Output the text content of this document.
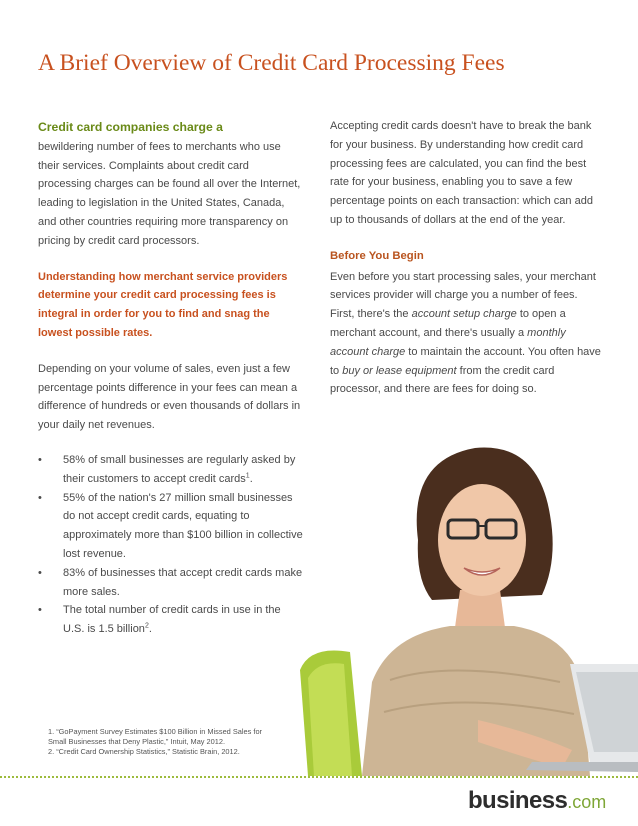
A Brief Overview of Credit Card Processing Fees

Credit card companies charge a
bewildering number of fees to merchants who use their services. Complaints about credit card processing charges can be found all over the Internet, leading to legislation in the United States, Canada, and other countries requiring more transparency on pricing by credit card processors.

Understanding how merchant service providers determine your credit card processing fees is integral in order for you to find and snag the lowest possible rates.

Depending on your volume of sales, even just a few percentage points difference in your fees can mean a difference of hundreds or even thousands of dollars in your daily net revenues.

• 58% of small businesses are regularly asked by their customers to accept credit cards$^1$.
• 55% of the nation's 27 million small businesses do not accept credit cards, equating to approximately more than $100 billion in collective lost revenue.
• 83% of businesses that accept credit cards make more sales.
• The total number of credit cards in use in the U.S. is 1.5 billion$^2$.

Accepting credit cards doesn't have to break the bank for your business. By understanding how credit card processing fees are calculated, you can find the best rate for your business, enabling you to save a few percentage points on each transaction: which can add up to thousands of dollars at the end of the year.

Before You Begin

Even before you start processing sales, your merchant services provider will charge you a number of fees. First, there's the account setup charge to open a merchant account, and there's usually a monthly account charge to maintain the account. You often have to buy or lease equipment from the credit card processor, and there are fees for doing so.

1. “GoPayment Survey Estimates $100 Billion in Missed Sales for Small Businesses that Deny Plastic,” Intuit, May 2012.

2. “Credit Card Ownership Statistics,” Statistic Brain, 2012.

business.com
